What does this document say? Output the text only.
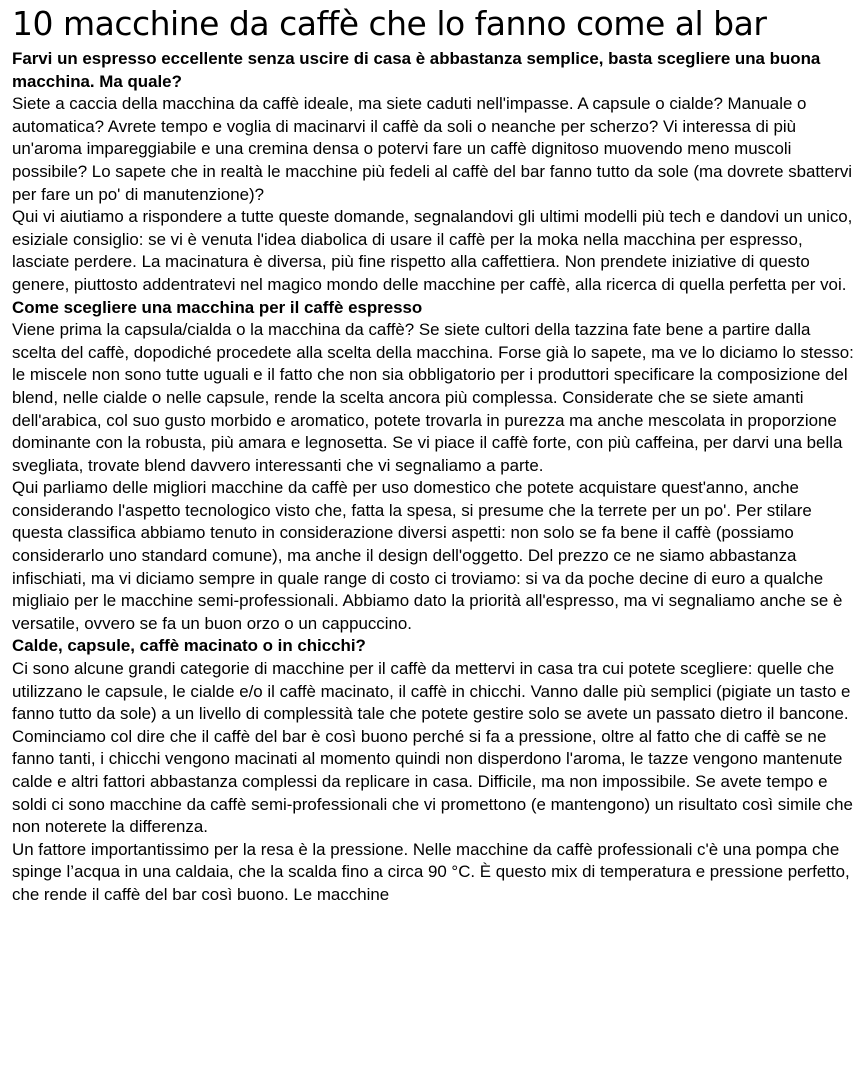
10 macchine da caffè che lo fanno come al bar

Farvi un espresso eccellente senza uscire di casa è abbastanza semplice, basta scegliere una buona macchina. Ma quale?

Siete a caccia della macchina da caffè ideale, ma siete caduti nell'impasse. A capsule o cialde? Manuale o automatica? Avrete tempo e voglia di macinarvi il caffè da soli o neanche per scherzo? Vi interessa di più un'aroma impareggiabile e una cremina densa o potervi fare un caffè dignitoso muovendo meno muscoli possibile? Lo sapete che in realtà le macchine più fedeli al caffè del bar fanno tutto da sole (ma dovrete sbattervi per fare un po' di manutenzione)?

Qui vi aiutiamo a rispondere a tutte queste domande, segnalandovi gli ultimi modelli più tech e dandovi un unico, esiziale consiglio: se vi è venuta l'idea diabolica di usare il caffè per la moka nella macchina per espresso, lasciate perdere. La macinatura è diversa, più fine rispetto alla caffettiera. Non prendete iniziative di questo genere, piuttosto addentratevi nel magico mondo delle macchine per caffè, alla ricerca di quella perfetta per voi.

Come scegliere una macchina per il caffè espresso

Viene prima la capsula/cialda o la macchina da caffè? Se siete cultori della tazzina fate bene a partire dalla scelta del caffè, dopodiché procedete alla scelta della macchina. Forse già lo sapete, ma ve lo diciamo lo stesso: le miscele non sono tutte uguali e il fatto che non sia obbligatorio per i produttori specificare la composizione del blend, nelle cialde o nelle capsule, rende la scelta ancora più complessa. Considerate che se siete amanti dell'arabica, col suo gusto morbido e aromatico, potete trovarla in purezza ma anche mescolata in proporzione dominante con la robusta, più amara e legnosetta. Se vi piace il caffè forte, con più caffeina, per darvi una bella svegliata, trovate blend davvero interessanti che vi segnaliamo a parte.

Qui parliamo delle migliori macchine da caffè per uso domestico che potete acquistare quest'anno, anche considerando l'aspetto tecnologico visto che, fatta la spesa, si presume che la terrete per un po'. Per stilare questa classifica abbiamo tenuto in considerazione diversi aspetti: non solo se fa bene il caffè (possiamo considerarlo uno standard comune), ma anche il design dell'oggetto. Del prezzo ce ne siamo abbastanza infischiati, ma vi diciamo sempre in quale range di costo ci troviamo: si va da poche decine di euro a qualche migliaio per le macchine semi-professionali. Abbiamo dato la priorità all'espresso, ma vi segnaliamo anche se è versatile, ovvero se fa un buon orzo o un cappuccino.

Calde, capsule, caffè macinato o in chicchi?

Ci sono alcune grandi categorie di macchine per il caffè da mettervi in casa tra cui potete scegliere: quelle che utilizzano le capsule, le cialde e/o il caffè macinato, il caffè in chicchi. Vanno dalle più semplici (pigiate un tasto e fanno tutto da sole) a un livello di complessità tale che potete gestire solo se avete un passato dietro il bancone.

Cominciamo col dire che il caffè del bar è così buono perché si fa a pressione, oltre al fatto che di caffè se ne fanno tanti, i chicchi vengono macinati al momento quindi non disperdono l'aroma, le tazze vengono mantenute calde e altri fattori abbastanza complessi da replicare in casa. Difficile, ma non impossibile. Se avete tempo e soldi ci sono macchine da caffè semi-professionali che vi promettono (e mantengono) un risultato così simile che non noterete la differenza.

Un fattore importantissimo per la resa è la pressione. Nelle macchine da caffè professionali c'è una pompa che spinge l’acqua in una caldaia, che la scalda fino a circa 90 °C. È questo mix di temperatura e pressione perfetto, che rende il caffè del bar così buono. Le macchine
